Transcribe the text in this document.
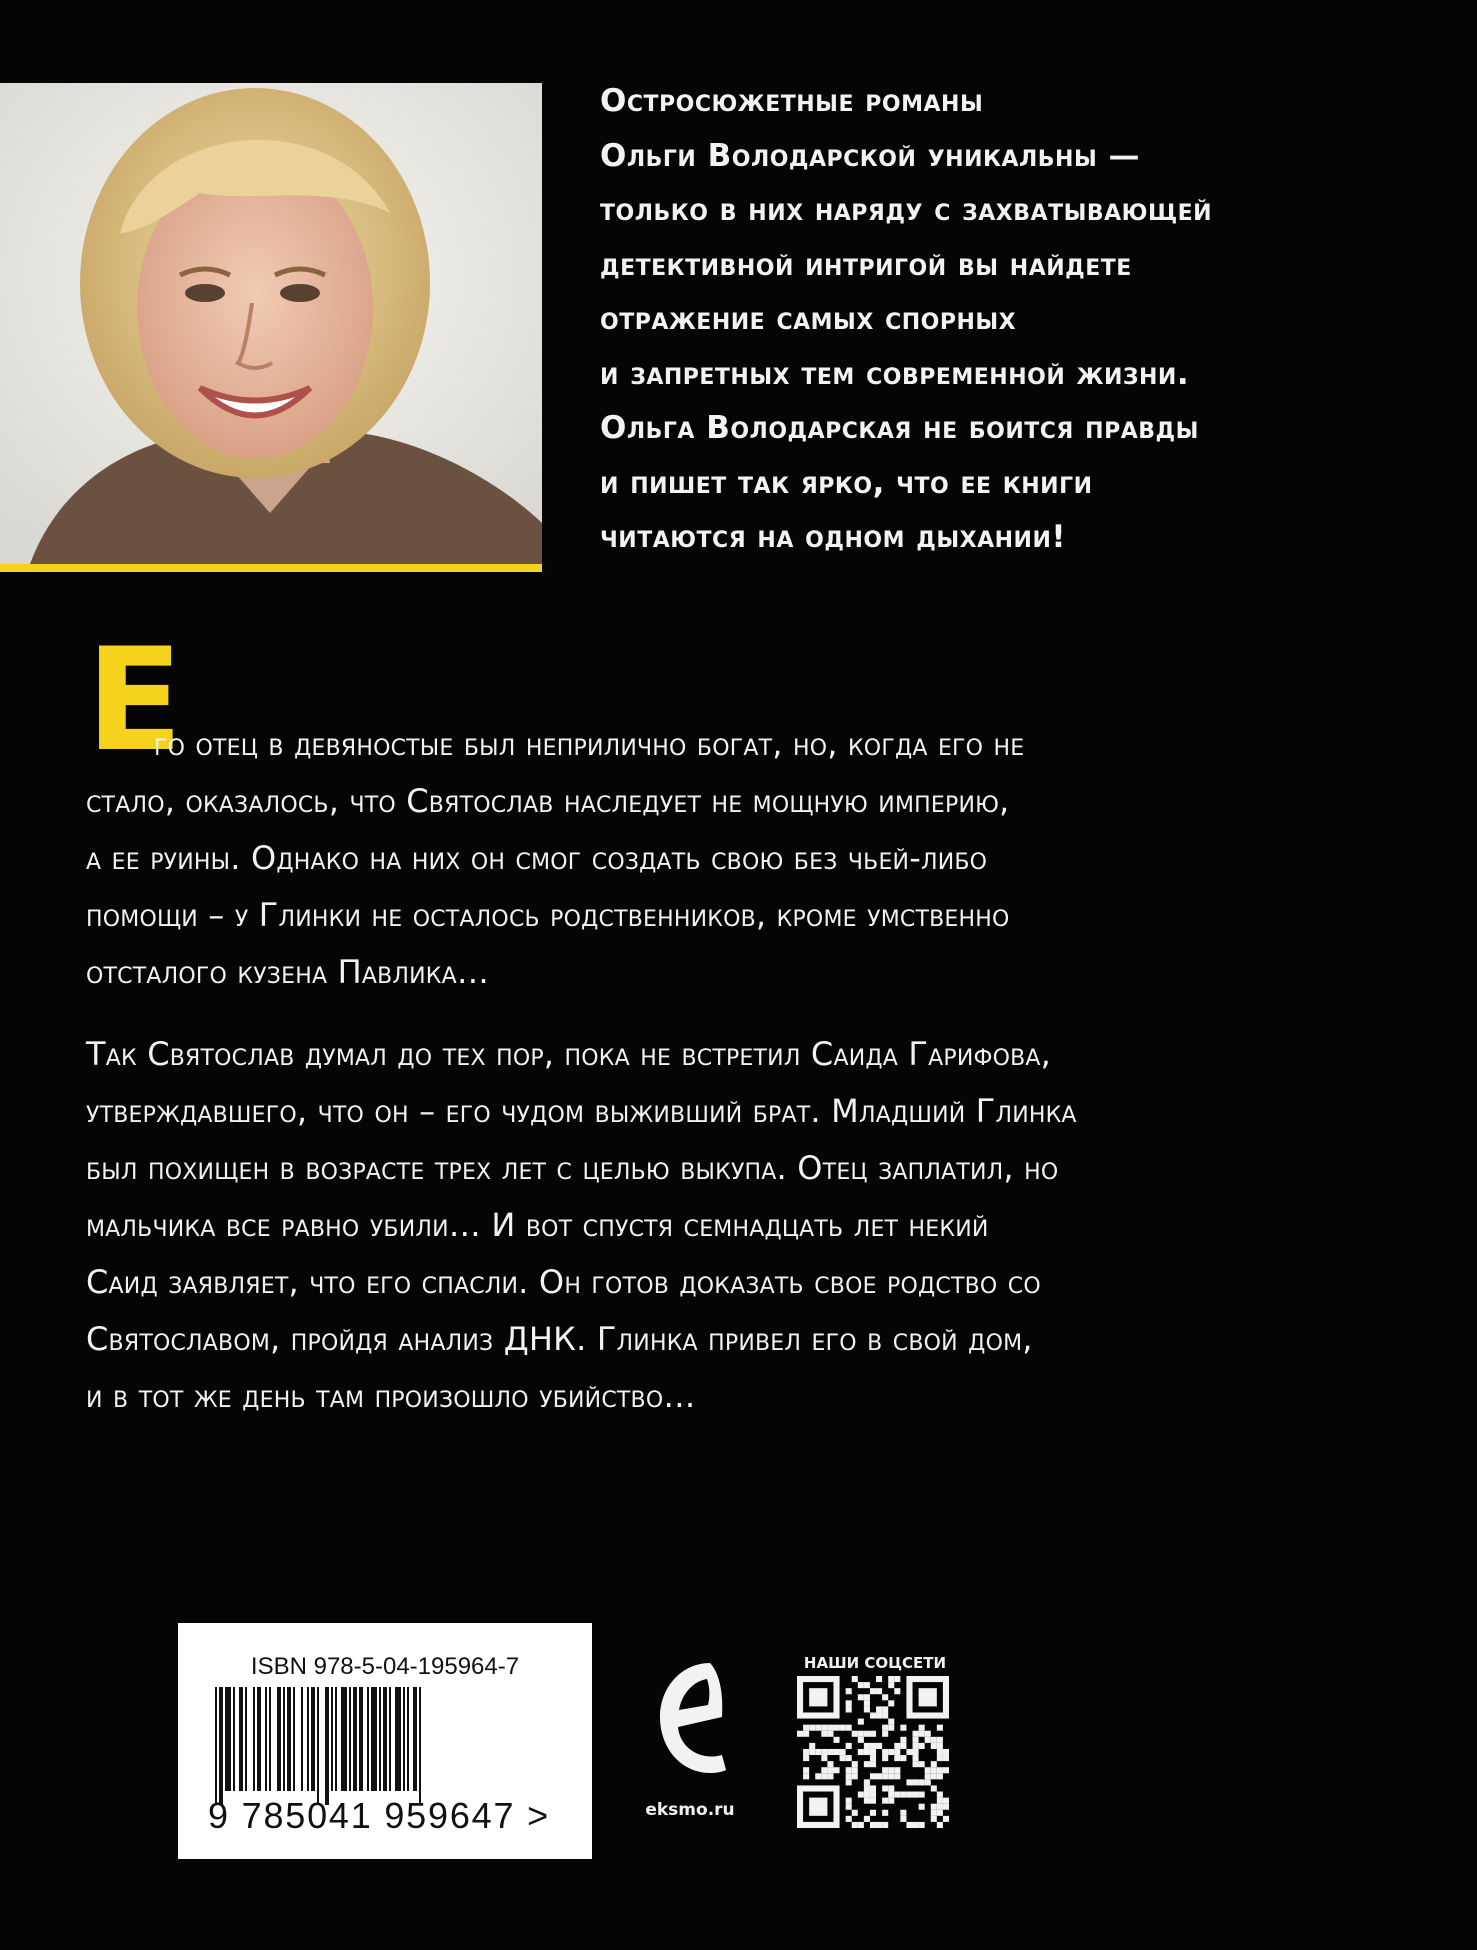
Остросюжетные романы
Ольги Володарской уникальны —
только в них наряду с захватывающей
детективной интригой вы найдете
отражение самых спорных
и запретных тем современной жизни.
Ольга Володарская не боится правды
и пишет так ярко, что ее книги
читаются на одном дыхании!
Е
го отец в девяностые был неприлично богат, но, когда его не
стало, оказалось, что Святослав наследует не мощную империю,
а ее руины. Однако на них он смог создать свою без чьей-либо
помощи – у Глинки не осталось родственников, кроме умственно
отсталого кузена Павлика…
Так Святослав думал до тех пор, пока не встретил Саида Гарифова,
утверждавшего, что он – его чудом выживший брат. Младший Глинка
был похищен в возрасте трех лет с целью выкупа. Отец заплатил, но
мальчика все равно убили… И вот спустя семнадцать лет некий
Саид заявляет, что его спасли. Он готов доказать свое родство со
Святославом, пройдя анализ ДНК. Глинка привел его в свой дом,
и в тот же день там произошло убийство…
ISBN 978-5-04-195964-7
9 785041 959647 >	eksmo.ru
НАШИ СОЦСЕТИ
